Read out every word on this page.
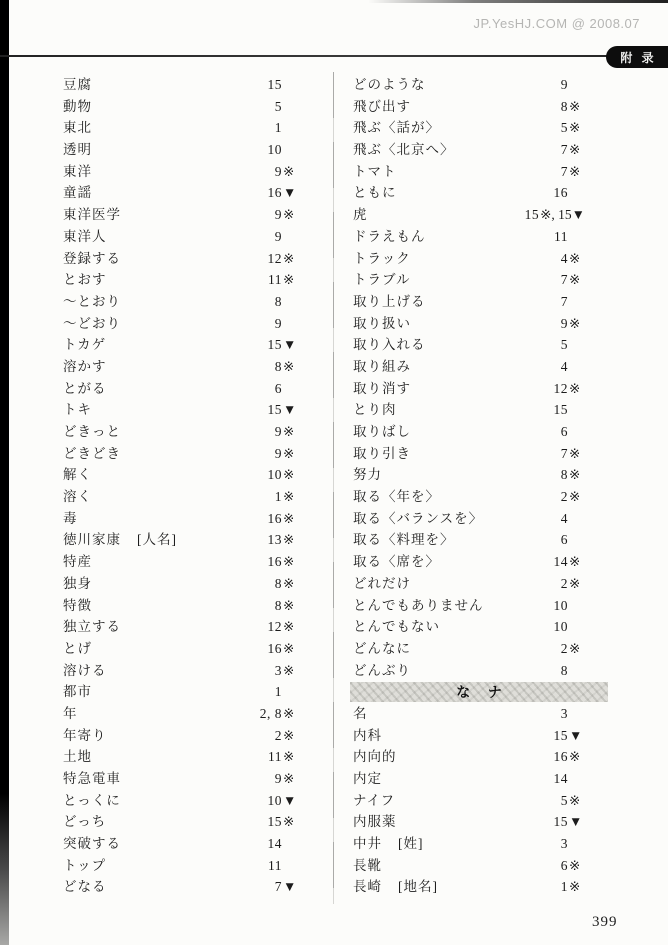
JP.YesHJ.COM @ 2008.07
附 录
豆腐	15
動物	5
東北	1
透明	10
東洋	9 ※
童謡	16 ▼
東洋医学	9 ※
東洋人	9
登録する	12 ※
とおす	11 ※
～とおり	8
～どおり	9
トカゲ	15 ▼
溶かす	8 ※
とがる	6
トキ	15 ▼
どきっと	9 ※
どきどき	9 ※
解く	10 ※
溶く	1 ※
毒	16 ※
徳川家康 [人名]	13 ※
特産	16 ※
独身	8 ※
特徴	8 ※
独立する	12 ※
とげ	16 ※
溶ける	3 ※
都市	1
年	2, 8 ※
年寄り	2 ※
土地	11 ※
特急電車	9 ※
とっくに	10 ▼
どっち	15 ※
突破する	14
トップ	11
どなる	7 ▼
どのような	9
飛び出す	8 ※
飛ぶ〈話が〉	5 ※
飛ぶ〈北京へ〉	7 ※
トマト	7 ※
ともに	16
虎	15 ※, 15▼
ドラえもん	11
トラック	4 ※
トラブル	7 ※
取り上げる	7
取り扱い	9 ※
取り入れる	5
取り組み	4
取り消す	12 ※
とり肉	15
取りばし	6
取り引き	7 ※
努力	8 ※
取る〈年を〉	2 ※
取る〈バランスを〉	4
取る〈料理を〉	6
取る〈席を〉	14 ※
どれだけ	2 ※
とんでもありません	10
とんでもない	10
どんなに	2 ※
どんぶり	8
な ナ
名	3
内科	15 ▼
内向的	16 ※
内定	14
ナイフ	5 ※
内服薬	15 ▼
中井 [姓]	3
長靴	6 ※
長崎 [地名]	1 ※
399
